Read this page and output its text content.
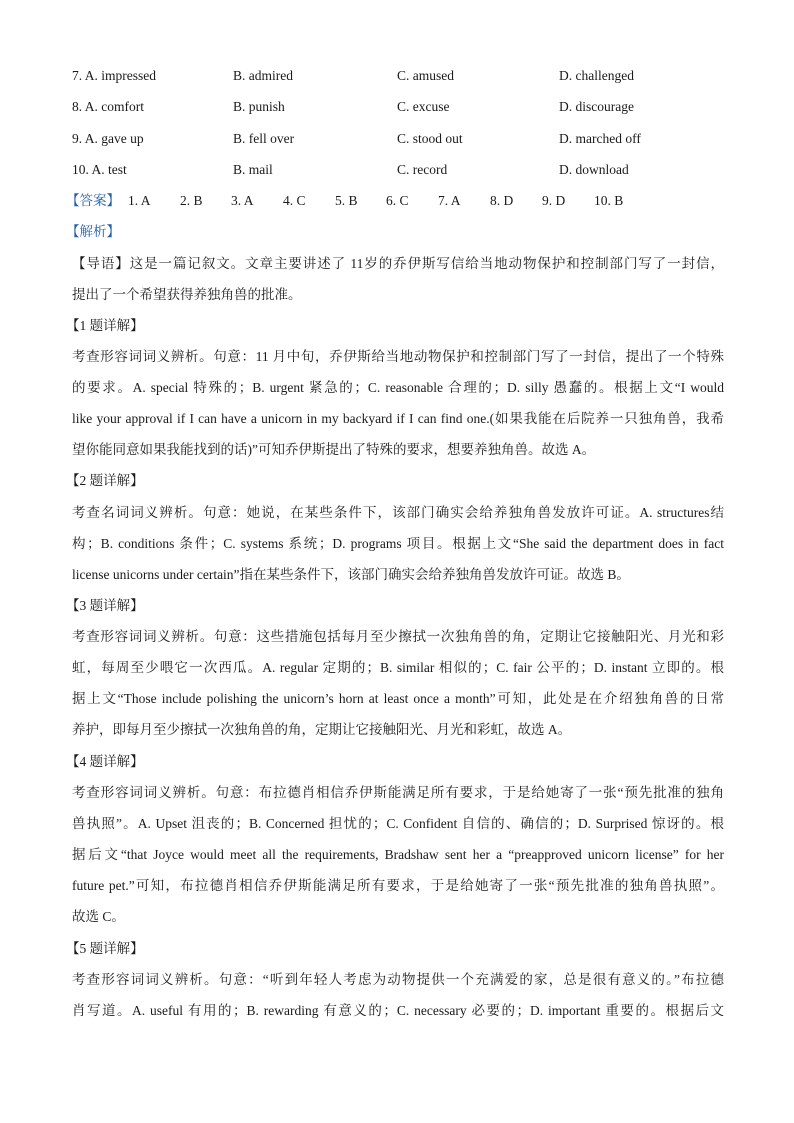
7. A. impressed	B. admired	C. amused	D. challenged
8. A. comfort	B. punish	C. excuse	D. discourage
9. A. gave up	B. fell over	C. stood out	D. marched off
10. A. test	B. mail	C. record	D. download
【答案】 1. A 2. B 3. A 4. C 5. B 6. C 7. A 8. D 9. D 10. B
【解析】
【导语】这是一篇记叙文。文章主要讲述了 11岁的乔伊斯写信给当地动物保护和控制部门写了一封信，
提出了一个希望获得养独角兽的批准。
【1 题详解】
考查形容词词义辨析。句意：11 月中旬，乔伊斯给当地动物保护和控制部门写了一封信，提出了一个特殊
的要求。A. special 特殊的；B. urgent 紧急的；C. reasonable 合理的；D. silly 愚蠢的。根据上文“I would
like your approval if I can have a unicorn in my backyard if I can find one.(如果我能在后院养一只独角兽，我希
望你能同意如果我能找到的话)”可知乔伊斯提出了特殊的要求，想要养独角兽。故选 A。
【2 题详解】
考查名词词义辨析。句意：她说，在某些条件下，该部门确实会给养独角兽发放许可证。A. structures结
构；B. conditions 条件；C. systems 系统；D. programs 项目。根据上文“She said the department does in fact
license unicorns under certain”指在某些条件下，该部门确实会给养独角兽发放许可证。故选 B。
【3 题详解】
考查形容词词义辨析。句意：这些措施包括每月至少擦拭一次独角兽的角，定期让它接触阳光、月光和彩
虹，每周至少喂它一次西瓜。A. regular 定期的；B. similar 相似的；C. fair 公平的；D. instant 立即的。根
据上文“Those include polishing the unicorn’s horn at least once a month”可知，此处是在介绍独角兽的日常
养护，即每月至少擦拭一次独角兽的角，定期让它接触阳光、月光和彩虹，故选 A。
【4 题详解】
考查形容词词义辨析。句意：布拉德肖相信乔伊斯能满足所有要求，于是给她寄了一张“预先批准的独角
兽执照”。A. Upset 沮丧的；B. Concerned 担忧的；C. Confident 自信的、确信的；D. Surprised 惊讶的。根
据后文“that Joyce would meet all the requirements, Bradshaw sent her a “preapproved unicorn license” for her
future pet.”可知，布拉德肖相信乔伊斯能满足所有要求，于是给她寄了一张“预先批准的独角兽执照”。
故选 C。
【5 题详解】
考查形容词词义辨析。句意：“听到年轻人考虑为动物提供一个充满爱的家，总是很有意义的。”布拉德
肖写道。A. useful 有用的；B. rewarding 有意义的；C. necessary 必要的；D. important 重要的。根据后文
